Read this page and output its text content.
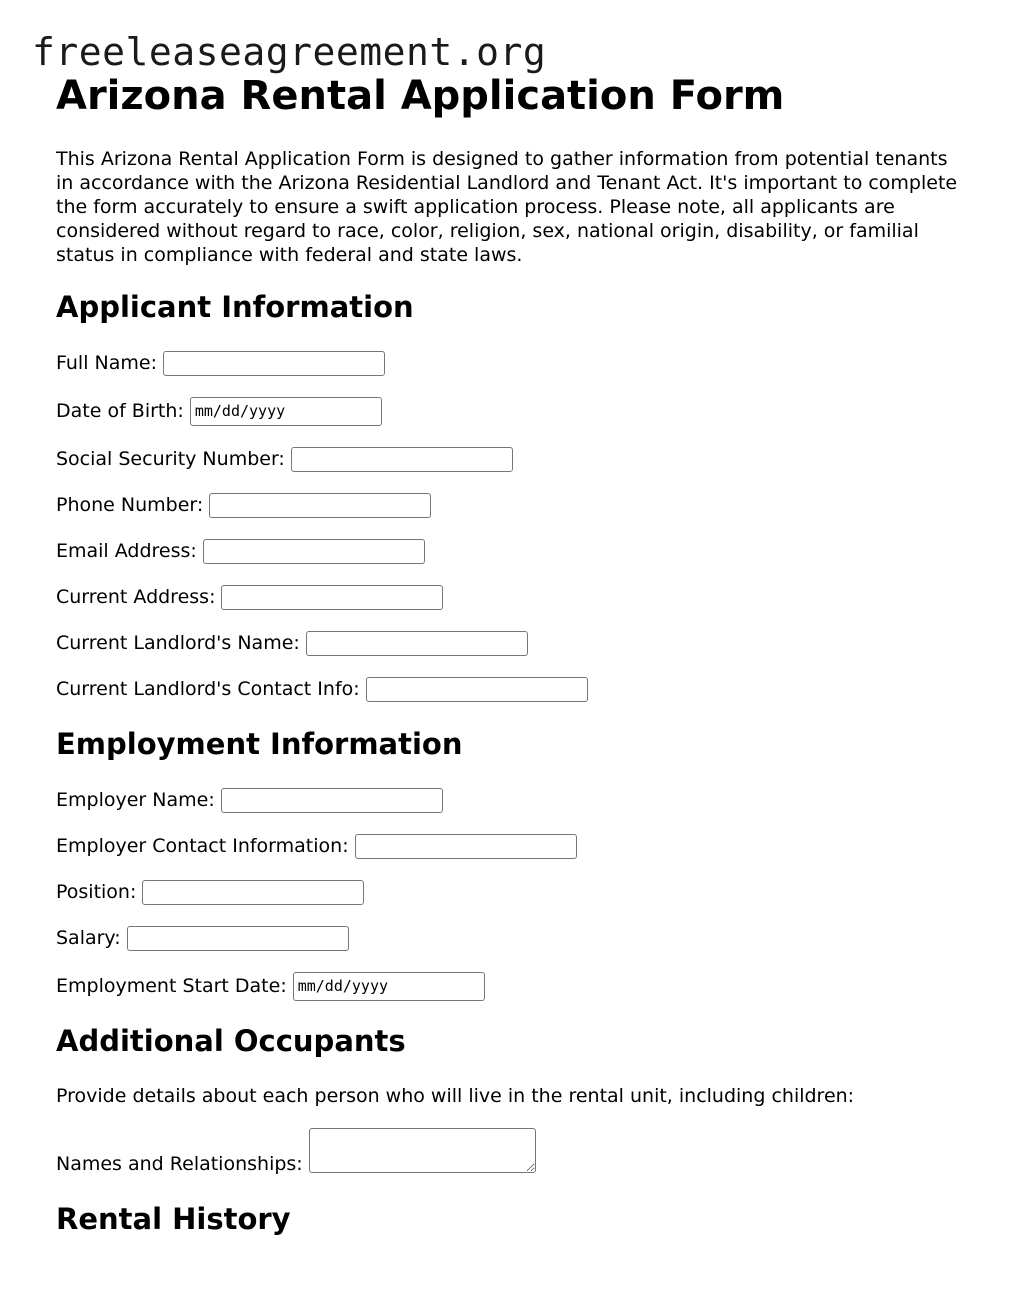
freeleaseagreement.org
Arizona Rental Application Form

This Arizona Rental Application Form is designed to gather information from potential tenants in accordance with the Arizona Residential Landlord and Tenant Act. It's important to complete the form accurately to ensure a swift application process. Please note, all applicants are considered without regard to race, color, religion, sex, national origin, disability, or familial status in compliance with federal and state laws.

Applicant Information
Full Name:
Date of Birth:
mm/dd/yyyy
Social Security Number:
Phone Number:
Email Address:
Current Address:
Current Landlord's Name:
Current Landlord's Contact Info:
Employment Information
Employer Name:
Employer Contact Information:
Position:
Salary:
Employment Start Date:
mm/dd/yyyy
Additional Occupants
Provide details about each person who will live in the rental unit, including children:
Names and Relationships:
Rental History
